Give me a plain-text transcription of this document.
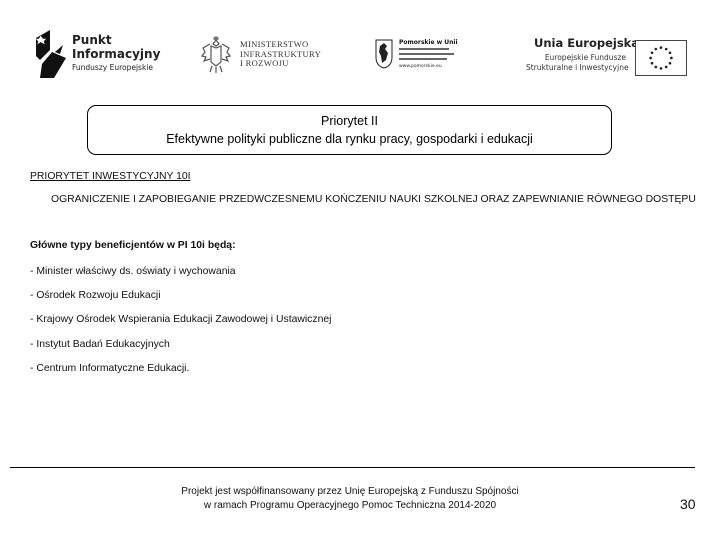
Punkt
Informacyjny
Funduszy Europejskie
MINISTERSTWO
INFRASTRUKTURY
I ROZWOJU
Pomorskie w Unii
www.pomorskie.eu
Unia Europejska
Europejskie Fundusze
Strukturalne i Inwestycyjne
Priorytet II
Efektywne polityki publiczne dla rynku pracy, gospodarki i edukacji
PRIORYTET INWESTYCYJNY 10I
OGRANICZENIE I ZAPOBIEGANIE PRZEDWCZESNEMU KOŃCZENIU NAUKI SZKOLNEJ ORAZ ZAPEWNIANIE RÓWNEGO DOSTĘPU
Główne typy beneficjentów w PI 10i będą:
- Minister właściwy ds. oświaty i wychowania
- Ośrodek Rozwoju Edukacji
- Krajowy Ośrodek Wspierania Edukacji Zawodowej i Ustawicznej
- Instytut Badań Edukacyjnych
- Centrum Informatyczne Edukacji.
Projekt jest współfinansowany przez Unię Europejską z Funduszu Spójności
w ramach Programu Operacyjnego Pomoc Techniczna 2014-2020	30
